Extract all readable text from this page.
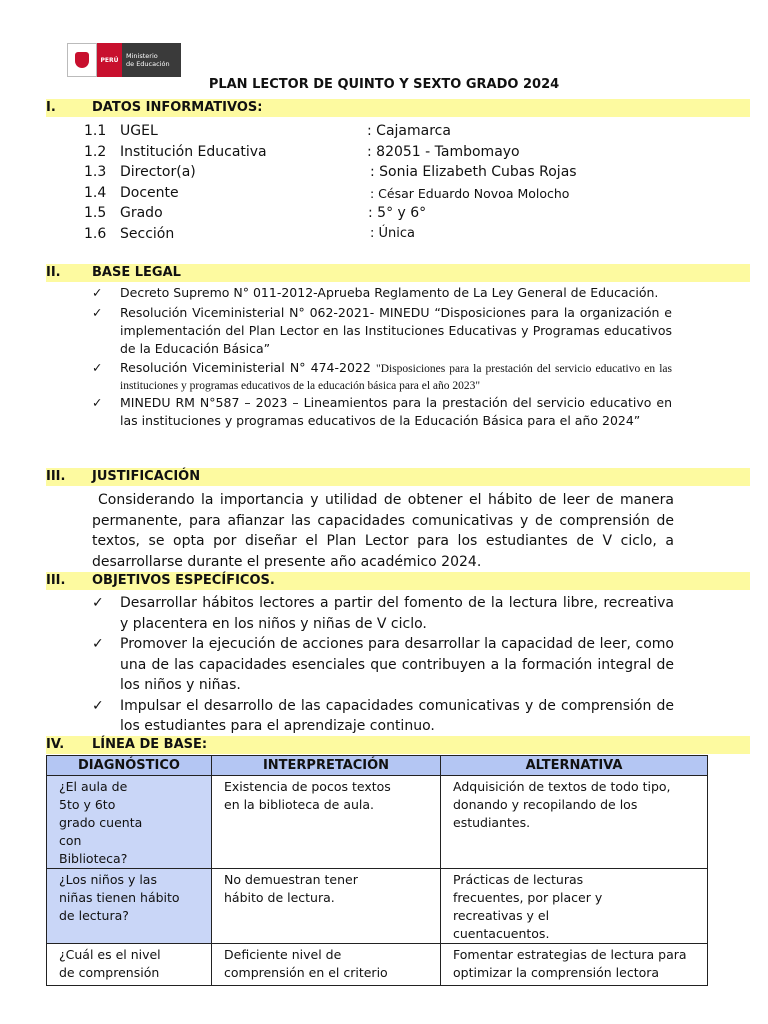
PERÚ	Ministerio
de Educación
PLAN LECTOR DE QUINTO Y SEXTO GRADO 2024
I.	DATOS INFORMATIVOS:
1.1 UGEL	: Cajamarca
1.2 Institución Educativa	: 82051 - Tambomayo
1.3 Director(a)	: Sonia Elizabeth Cubas Rojas
1.4 Docente	: César Eduardo Novoa Molocho
1.5 Grado	: 5° y 6°
1.6 Sección	: Única
II. BASE LEGAL
✓ Decreto Supremo N° 011-2012-Aprueba Reglamento de La Ley General de Educación.
✓ Resolución Viceministerial N° 062-2021- MINEDU “Disposiciones para la organización e implementación del Plan Lector en las Instituciones Educativas y Programas educativos de la Educación Básica”
✓ Resolución Viceministerial N° 474-2022 "Disposiciones para la prestación del servicio educativo en las instituciones y programas educativos de la educación básica para el año 2023"
✓ MINEDU RM N°587 – 2023 – Lineamientos para la prestación del servicio educativo en las instituciones y programas educativos de la Educación Básica para el año 2024”
III. JUSTIFICACIÓN
Considerando la importancia y utilidad de obtener el hábito de leer de manera permanente, para afianzar las capacidades comunicativas y de comprensión de textos, se opta por diseñar el Plan Lector para los estudiantes de V ciclo, a desarrollarse durante el presente año académico 2024.
III. OBJETIVOS ESPECÍFICOS.
✓ Desarrollar hábitos lectores a partir del fomento de la lectura libre, recreativa y placentera en los niños y niñas de V ciclo.
✓ Promover la ejecución de acciones para desarrollar la capacidad de leer, como una de las capacidades esenciales que contribuyen a la formación integral de los niños y niñas.
✓ Impulsar el desarrollo de las capacidades comunicativas y de comprensión de los estudiantes para el aprendizaje continuo.
IV. LÍNEA DE BASE:
DIAGNÓSTICO	INTERPRETACIÓN	ALTERNATIVA

¿El aula de 5to y 6to grado cuenta con Biblioteca?	Existencia de pocos textos en la biblioteca de aula.	Adquisición de textos de todo tipo, donando y recopilando de los estudiantes.

¿Los niños y las niñas tienen hábito de lectura?	No demuestran tener hábito de lectura.	Prácticas de lecturas frecuentes, por placer y recreativas y el cuentacuentos.

¿Cuál es el nivel de comprensión	Deficiente nivel de comprensión en el criterio	Fomentar estrategias de lectura para optimizar la comprensión lectora
